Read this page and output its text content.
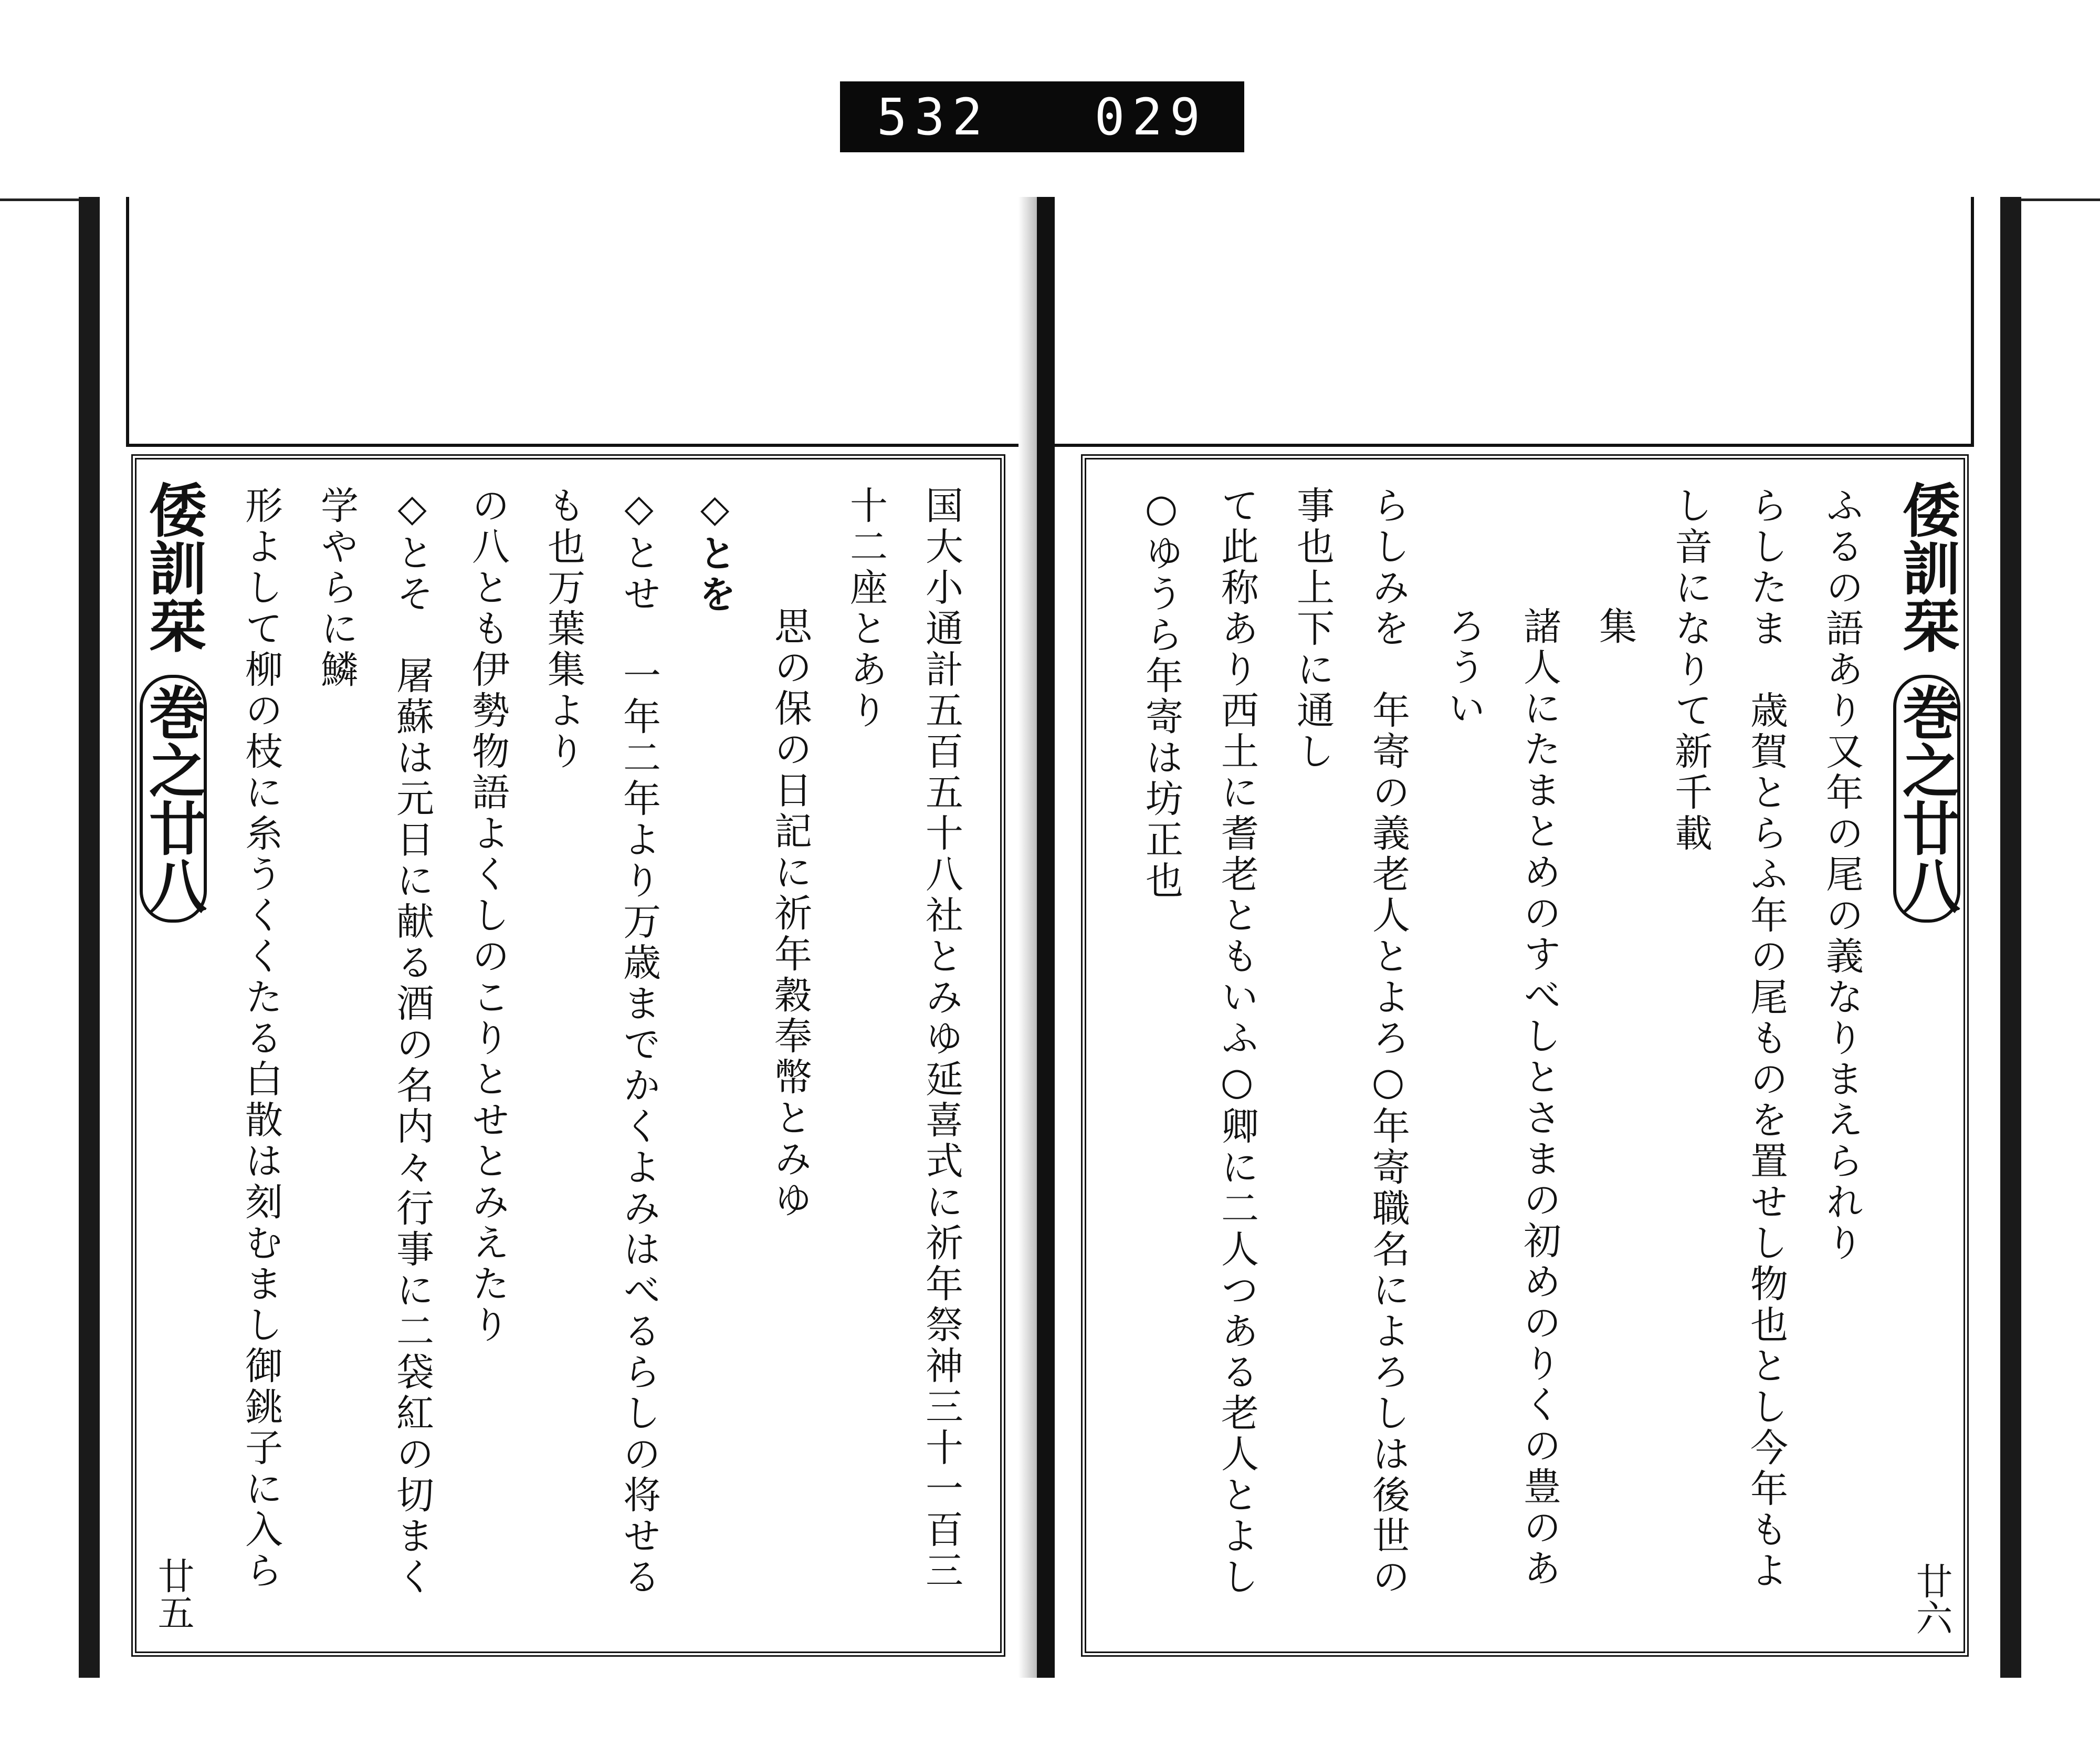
532 029
倭訓栞
巻之廿八
廿五
国大小通計五百五十八社とみゆ延喜式に祈年祭神三十一百三十二座とあり
思の保の日記に祈年穀奉幣とみゆ
◇とを
◇とせ　一年二年より万歳までかくよみはべるらしの将せるも也万葉集より
の八とも伊勢物語よくしのこりとせとみえたり
◇とそ　屠蘇は元日に献る酒の名内々行事に二袋紅の切まく学やらに鱗
形よして柳の枝に糸うくくたる白散は刻むまし御銚子に入ら
倭訓栞
巻之廿八
廿六
ふるの語あり又年の尾の義なりまえられり
らしたま　歳賀とらふ年の尾ものを置せし物也とし今年もよし音になりて新千載
集
諸人にたまとめのすべしとさまの初めのりくの豊のあろうい
らしみを　年寄の義老人とよろ○年寄職名によろしは後世の事也上下に通し
て此称あり西土に耆老ともいふ○卿に二人つある老人とよし○ゆうら年寄は坊正也
